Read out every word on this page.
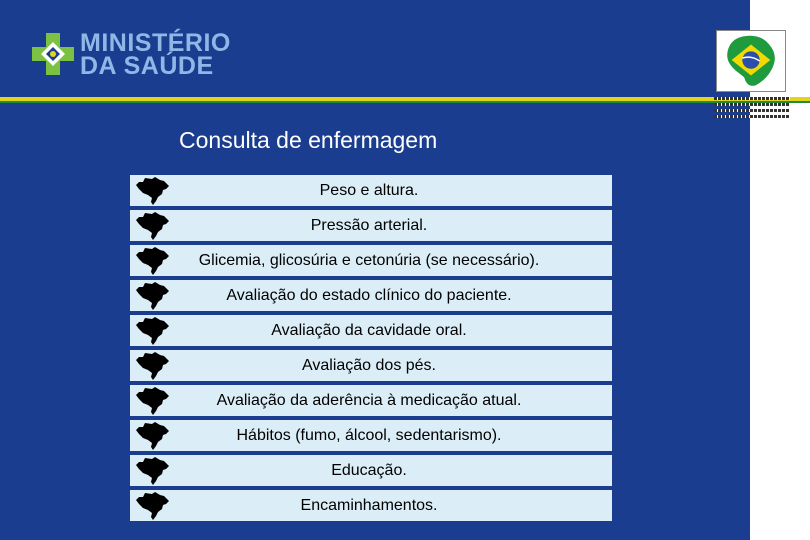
MINISTÉRIO
DA SAÚDE
Consulta de enfermagem
Peso e altura.
Pressão arterial.
Glicemia, glicosúria e cetonúria (se necessário).
Avaliação do estado clínico do paciente.
Avaliação da cavidade oral.
Avaliação dos pés.
Avaliação da aderência à medicação atual.
Hábitos (fumo, álcool, sedentarismo).
Educação.
Encaminhamentos.
